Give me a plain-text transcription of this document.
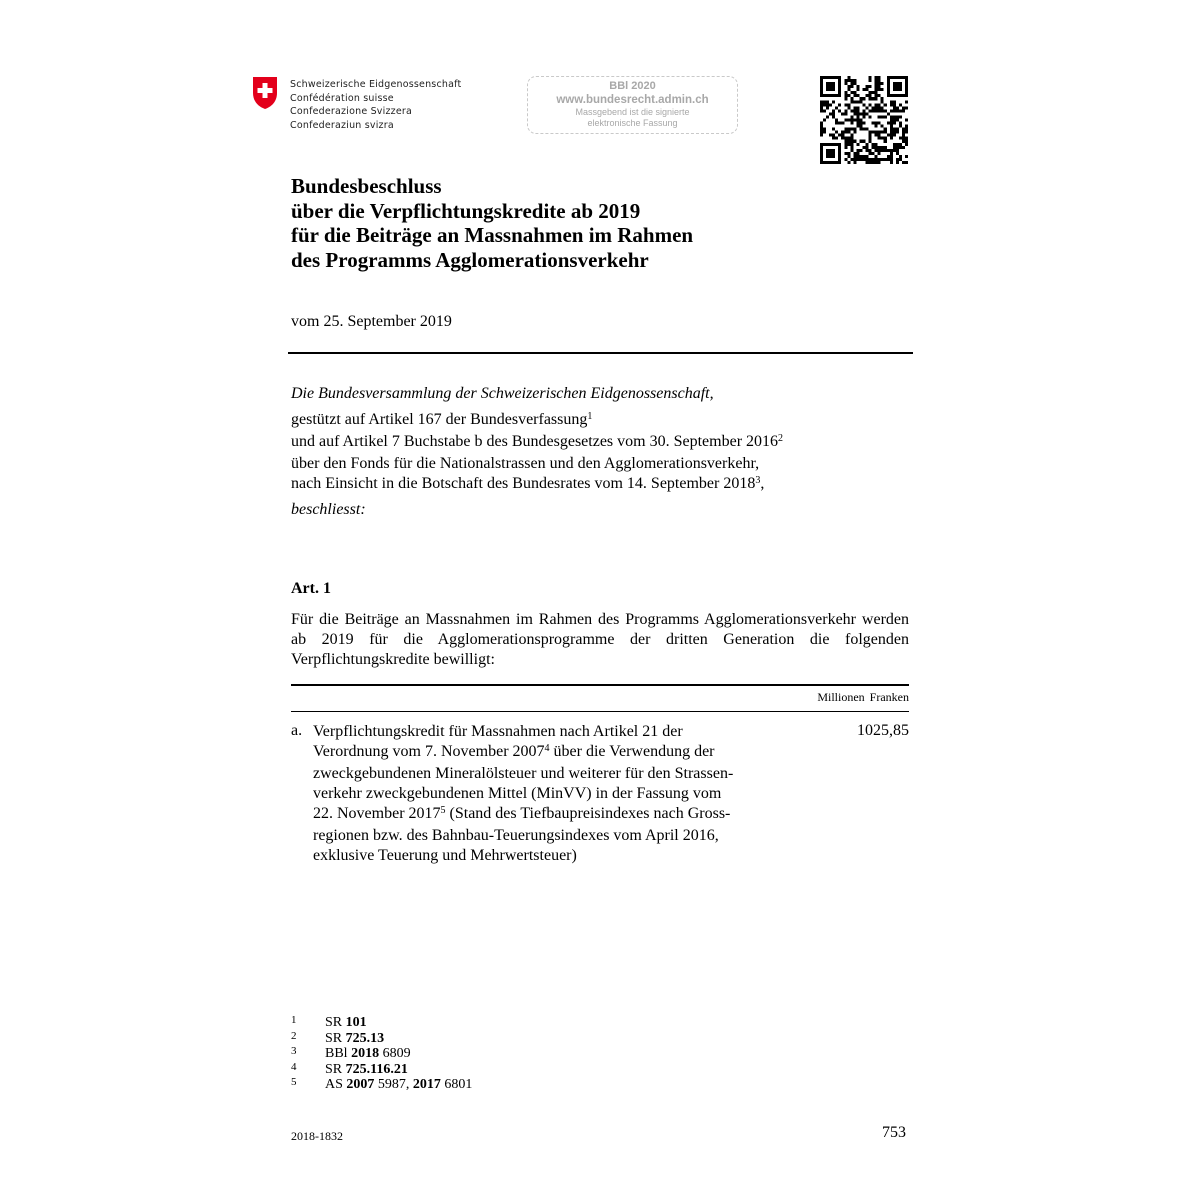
Schweizerische Eidgenossenschaft
Confédération suisse
Confederazione Svizzera
Confederaziun svizra
BBl 2020
www.bundesrecht.admin.ch
Massgebend ist die signierte
elektronische Fassung
Bundesbeschluss
über die Verpflichtungskredite ab 2019
für die Beiträge an Massnahmen im Rahmen
des Programms Agglomerationsverkehr
vom 25. September 2019
Die Bundesversammlung der Schweizerischen Eidgenossenschaft,
gestützt auf Artikel 167 der Bundesverfassung$^1$
und auf Artikel 7 Buchstabe b des Bundesgesetzes vom 30. September 2016$^2$
über den Fonds für die Nationalstrassen und den Agglomerationsverkehr,
nach Einsicht in die Botschaft des Bundesrates vom 14. September 2018$^3$,
beschliesst:
Art. 1
Für die Beiträge an Massnahmen im Rahmen des Programms Agglomerationsverkehr werden ab 2019 für die Agglomerationsprogramme der dritten Generation die folgenden Verpflichtungskredite bewilligt:
Millionen Franken
a. Verpflichtungskredit für Massnahmen nach Artikel 21 der
Verordnung vom 7. November 2007$^4$ über die Verwendung der
zweckgebundenen Mineralölsteuer und weiterer für den Strassen-
verkehr zweckgebundenen Mittel (MinVV) in der Fassung vom
22. November 2017$^5$ (Stand des Tiefbaupreisindexes nach Gross-
regionen bzw. des Bahnbau-Teuerungsindexes vom April 2016,
exklusive Teuerung und Mehrwertsteuer)
1025,85
1 SR 101
2 SR 725.13
3 BBl 2018 6809
4 SR 725.116.21
5 AS 2007 5987, 2017 6801
2018-1832	753
